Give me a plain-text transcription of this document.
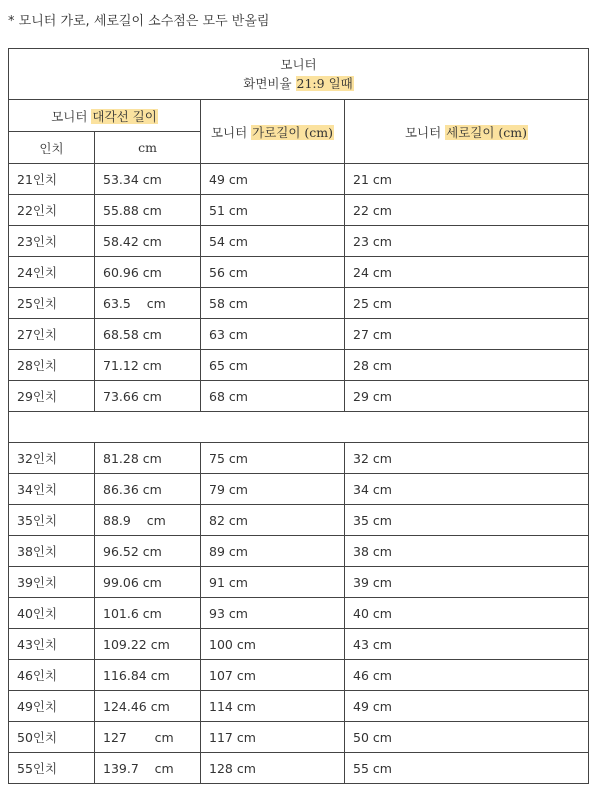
* 모니터 가로, 세로길이 소수점은 모두 반올림
모니터
화면비율 21:9 일때			

모니터 대각선 길이		모니터 가로길이 (cm)	모니터 세로길이 (cm)
인치	cm		
21인치	53.34 cm	49 cm	21 cm
22인치	55.88 cm	51 cm	22 cm
23인치	58.42 cm	54 cm	23 cm
24인치	60.96 cm	56 cm	24 cm
25인치	63.5    cm	58 cm	25 cm
27인치	68.58 cm	63 cm	27 cm
28인치	71.12 cm	65 cm	28 cm
29인치	73.66 cm	68 cm	29 cm

32인치	81.28 cm	75 cm	32 cm
34인치	86.36 cm	79 cm	34 cm
35인치	88.9    cm	82 cm	35 cm
38인치	96.52 cm	89 cm	38 cm
39인치	99.06 cm	91 cm	39 cm
40인치	101.6 cm	93 cm	40 cm
43인치	109.22 cm	100 cm	43 cm
46인치	116.84 cm	107 cm	46 cm
49인치	124.46 cm	114 cm	49 cm
50인치	127       cm	117 cm	50 cm
55인치	139.7    cm	128 cm	55 cm
